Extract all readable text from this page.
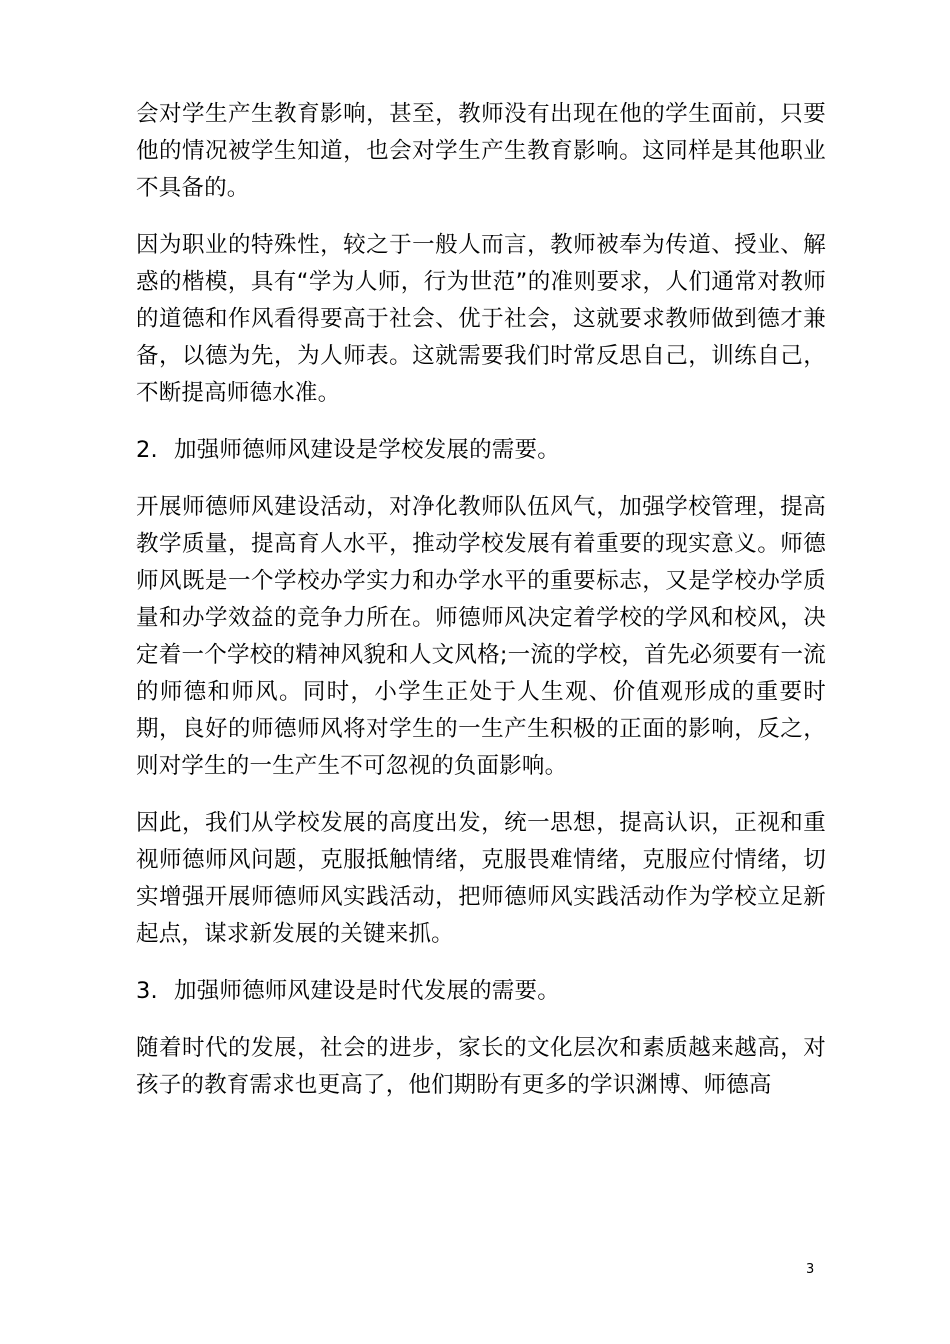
会对学生产生教育影响，甚至，教师没有出现在他的学生面前，只要他的情况被学生知道，也会对学生产生教育影响。这同样是其他职业不具备的。

因为职业的特殊性，较之于一般人而言，教师被奉为传道、授业、解惑的楷模，具有“学为人师，行为世范”的准则要求，人们通常对教师的道德和作风看得要高于社会、优于社会，这就要求教师做到德才兼备，以德为先，为人师表。这就需要我们时常反思自己，训练自己，不断提高师德水准。

2. 加强师德师风建设是学校发展的需要。

开展师德师风建设活动，对净化教师队伍风气，加强学校管理，提高教学质量，提高育人水平，推动学校发展有着重要的现实意义。师德师风既是一个学校办学实力和办学水平的重要标志，又是学校办学质量和办学效益的竞争力所在。师德师风决定着学校的学风和校风，决定着一个学校的精神风貌和人文风格;一流的学校，首先必须要有一流的师德和师风。同时，小学生正处于人生观、价值观形成的重要时期，良好的师德师风将对学生的一生产生积极的正面的影响，反之，则对学生的一生产生不可忽视的负面影响。

因此，我们从学校发展的高度出发，统一思想，提高认识，正视和重视师德师风问题，克服抵触情绪，克服畏难情绪，克服应付情绪，切实增强开展师德师风实践活动，把师德师风实践活动作为学校立足新起点，谋求新发展的关键来抓。

3. 加强师德师风建设是时代发展的需要。

随着时代的发展，社会的进步，家长的文化层次和素质越来越高，对孩子的教育需求也更高了，他们期盼有更多的学识渊博、师德高

3
